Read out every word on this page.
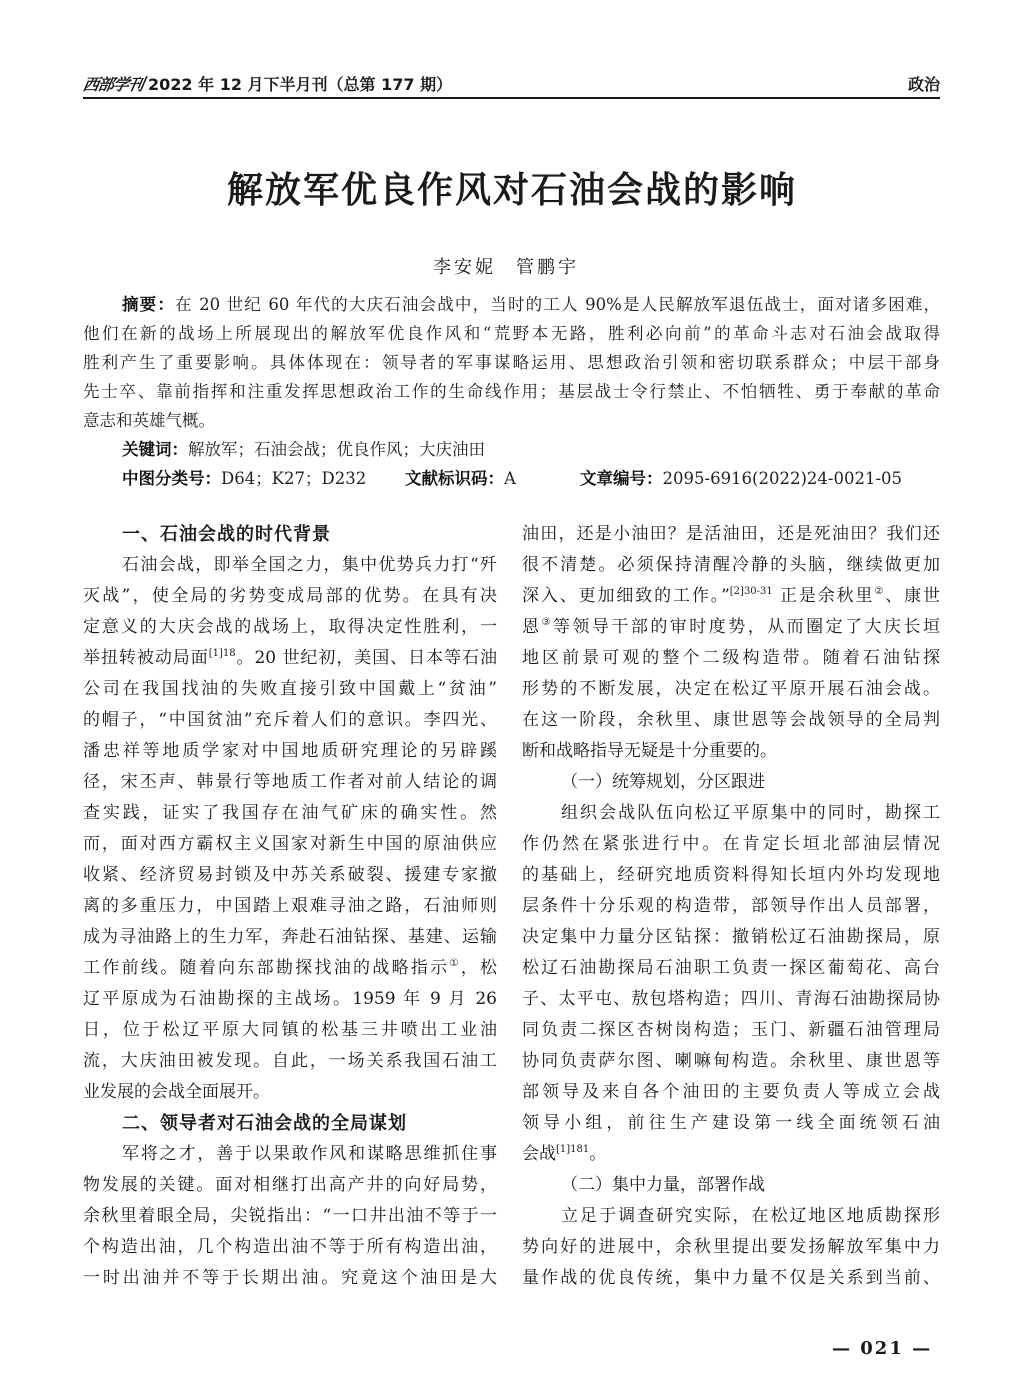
西部学刊 2022 年 12 月下半月刊（总第 177 期）	政治
解放军优良作风对石油会战的影响
李安妮 管鹏宇
摘要：在 20 世纪 60 年代的大庆石油会战中，当时的工人 90%是人民解放军退伍战士，面对诸多困难，
他们在新的战场上所展现出的解放军优良作风和“荒野本无路，胜利必向前”的革命斗志对石油会战取得
胜利产生了重要影响。具体体现在：领导者的军事谋略运用、思想政治引领和密切联系群众；中层干部身
先士卒、靠前指挥和注重发挥思想政治工作的生命线作用；基层战士令行禁止、不怕牺牲、勇于奉献的革命
意志和英雄气概。
关键词：解放军；石油会战；优良作风；大庆油田
中图分类号：D64；K27；D232 文献标识码：A	文章编号：2095-6916(2022)24-0021-05
一、石油会战的时代背景
石油会战，即举全国之力，集中优势兵力打“歼
灭战”，使全局的劣势变成局部的优势。在具有决
定意义的大庆会战的战场上，取得决定性胜利，一
举扭转被动局面$^{[1]18}$。20 世纪初，美国、日本等石油
公司在我国找油的失败直接引致中国戴上“贫油”
的帽子，“中国贫油”充斥着人们的意识。李四光、
潘忠祥等地质学家对中国地质研究理论的另辟蹊
径，宋丕声、韩景行等地质工作者对前人结论的调
查实践，证实了我国存在油气矿床的确实性。然
而，面对西方霸权主义国家对新生中国的原油供应
收紧、经济贸易封锁及中苏关系破裂、援建专家撤
离的多重压力，中国踏上艰难寻油之路，石油师则
成为寻油路上的生力军，奔赴石油钻探、基建、运输
工作前线。随着向东部勘探找油的战略指示①，松
辽平原成为石油勘探的主战场。1959 年 9 月 26
日，位于松辽平原大同镇的松基三井喷出工业油
流，大庆油田被发现。自此，一场关系我国石油工
业发展的会战全面展开。
二、领导者对石油会战的全局谋划
军将之才，善于以果敢作风和谋略思维抓住事
物发展的关键。面对相继打出高产井的向好局势，
余秋里着眼全局，尖锐指出：“一口井出油不等于一
个构造出油，几个构造出油不等于所有构造出油，
一时出油并不等于长期出油。究竟这个油田是大
油田，还是小油田？是活油田，还是死油田？我们还
很不清楚。必须保持清醒冷静的头脑，继续做更加
深入、更加细致的工作。”$^{[2]30-31}$ 正是余秋里②、康世
恩③等领导干部的审时度势，从而圈定了大庆长垣
地区前景可观的整个二级构造带。随着石油钻探
形势的不断发展，决定在松辽平原开展石油会战。
在这一阶段，余秋里、康世恩等会战领导的全局判
断和战略指导无疑是十分重要的。
（一）统筹规划，分区跟进
组织会战队伍向松辽平原集中的同时，勘探工
作仍然在紧张进行中。在肯定长垣北部油层情况
的基础上，经研究地质资料得知长垣内外均发现地
层条件十分乐观的构造带，部领导作出人员部署，
决定集中力量分区钻探：撤销松辽石油勘探局，原
松辽石油勘探局石油职工负责一探区葡萄花、高台
子、太平屯、敖包塔构造；四川、青海石油勘探局协
同负责二探区杏树岗构造；玉门、新疆石油管理局
协同负责萨尔图、喇嘛甸构造。余秋里、康世恩等
部领导及来自各个油田的主要负责人等成立会战
领导小组，前往生产建设第一线全面统领石油
会战$^{[1]181}$。
（二）集中力量，部署作战
立足于调查研究实际，在松辽地区地质勘探形
势向好的进展中，余秋里提出要发扬解放军集中力
量作战的优良传统，集中力量不仅是关系到当前、
— 021 —
